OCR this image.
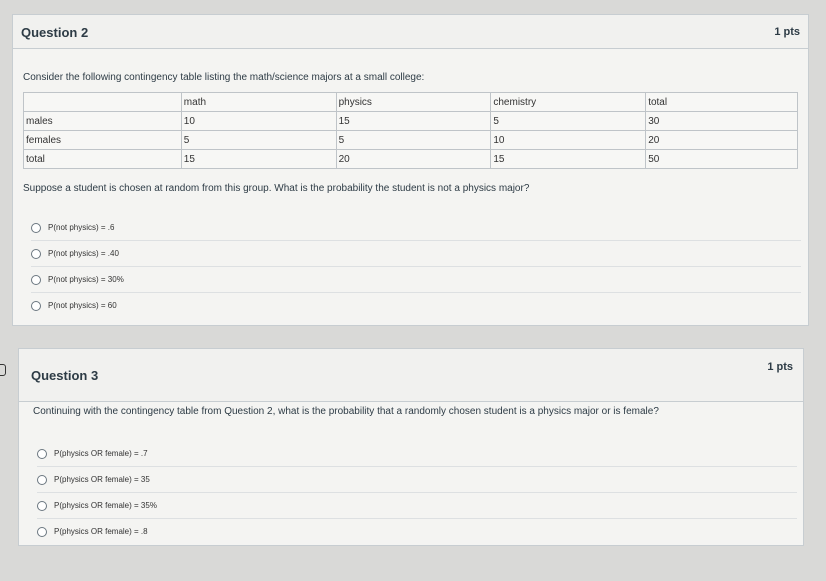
Question 2	1 pts
Consider the following contingency table listing the math/science majors at a small college:
	math	physics	chemistry	total
males	10	15	5	30
females	5	5	10	20
total	15	20	15	50
Suppose a student is chosen at random from this group. What is the probability the student is not a physics major?
P(not physics) = .6
P(not physics) = .40
P(not physics) = 30%
P(not physics) = 60
Question 3
1 pts
Continuing with the contingency table from Question 2, what is the probability that a randomly chosen student is a physics major or is female?
P(physics OR female) = .7
P(physics OR female) = 35
P(physics OR female) = 35%
P(physics OR female) = .8
